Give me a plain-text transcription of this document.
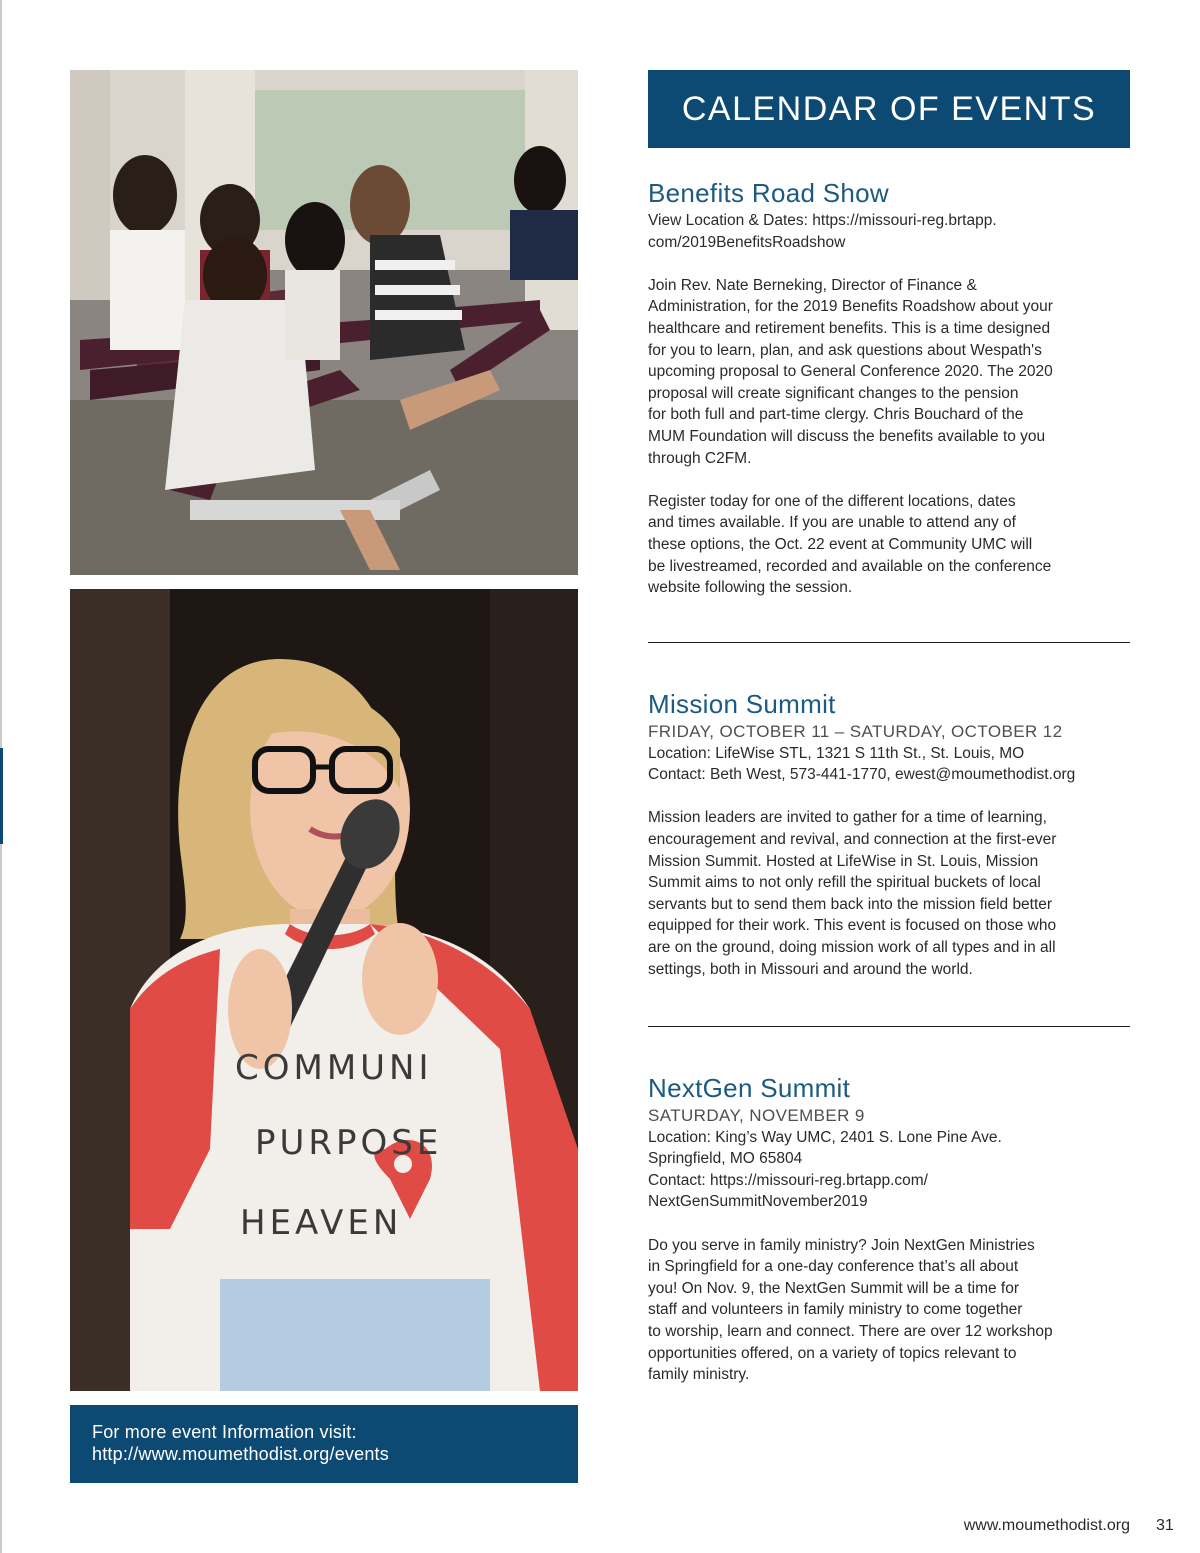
COMMUNI
PURPOSE
HEAVEN
For more event Information visit:
http://www.moumethodist.org/events
CALENDAR OF EVENTS
Benefits Road Show
View Location & Dates: https://missouri-reg.brtapp.
com/2019BenefitsRoadshow
Join Rev. Nate Berneking, Director of Finance &
Administration, for the 2019 Benefits Roadshow about your
healthcare and retirement benefits. This is a time designed
for you to learn, plan, and ask questions about Wespath's
upcoming proposal to General Conference 2020. The 2020
proposal will create significant changes to the pension
for both full and part-time clergy. Chris Bouchard of the
MUM Foundation will discuss the benefits available to you
through C2FM.
Register today for one of the different locations, dates
and times available. If you are unable to attend any of
these options, the Oct. 22 event at Community UMC will
be livestreamed, recorded and available on the conference
website following the session.
Mission Summit
FRIDAY, OCTOBER 11 – SATURDAY, OCTOBER 12
Location: LifeWise STL, 1321 S 11th St., St. Louis, MO
Contact: Beth West, 573-441-1770, ewest@moumethodist.org
Mission leaders are invited to gather for a time of learning,
encouragement and revival, and connection at the first-ever
Mission Summit. Hosted at LifeWise in St. Louis, Mission
Summit aims to not only refill the spiritual buckets of local
servants but to send them back into the mission field better
equipped for their work. This event is focused on those who
are on the ground, doing mission work of all types and in all
settings, both in Missouri and around the world.
NextGen Summit
SATURDAY, NOVEMBER 9
Location: King’s Way UMC, 2401 S. Lone Pine Ave.
Springfield, MO 65804
Contact: https://missouri-reg.brtapp.com/
NextGenSummitNovember2019
Do you serve in family ministry? Join NextGen Ministries
in Springfield for a one-day conference that’s all about
you! On Nov. 9, the NextGen Summit will be a time for
staff and volunteers in family ministry to come together
to worship, learn and connect. There are over 12 workshop
opportunities offered, on a variety of topics relevant to
family ministry.
www.moumethodist.org 31
